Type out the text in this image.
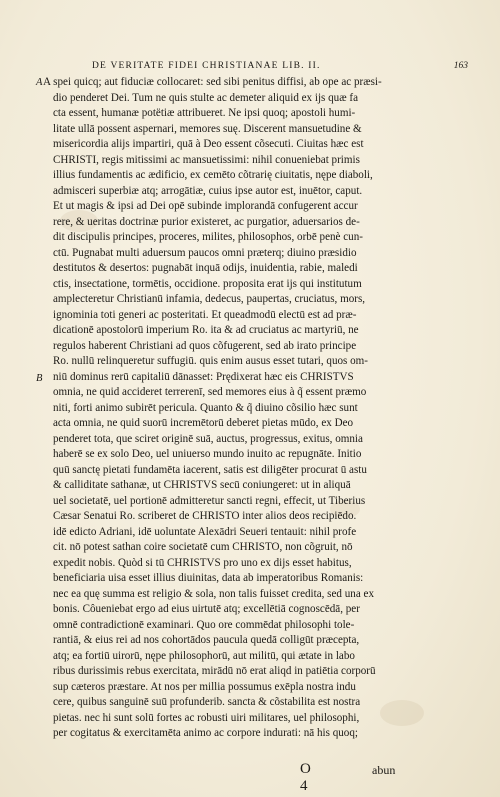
DE VERITATE FIDEI CHRISTIANAE LIB. II.	163
A
B
A spei quicq; aut fiduciæ collocaret: sed sibi penitus diffisi, ab ope ac præsi-
dio penderet Dei. Tum ne quis stulte ac demeter aliquid ex ijs quæ fa
cta essent, humanæ potëtiæ attribueret. Ne ipsi quoq; apostoli humi-
litate ullā possent aspernari, memores suę. Discerent mansuetudine &
misericordia alijs impartiri, quā à Deo essent cõsecuti. Ciuitas hæc est
CHRISTI, regis mitissimi ac mansuetissimi: nihil conueniebat primis
illius fundamentis ac ædificio, ex cemēto cõtrarię ciuitatis, nępe diaboli,
admisceri superbiæ atq; arrogātiæ, cuius ipse autor est, inuētor, caput.
Et ut magis & ipsi ad Dei opē subinde implorandā confugerent accur
rere, & ueritas doctrinæ purior existeret, ac purgatior, aduersarios de-
dit discipulis principes, proceres, milites, philosophos, orbē penè cun-
ctū. Pugnabat multi aduersum paucos omni præterq; diuino præsidio
destitutos & desertos: pugnabāt inquā odijs, inuidentia, rabie, maledi
ctis, insectatione, tormētis, occidione. proposita erat ijs qui institutum
amplecteretur Christianū infamia, dedecus, paupertas, cruciatus, mors,
ignominia toti generi ac posteritati. Et queadmodū electū est ad præ-
dicationē apostolorū imperium Ro. ita & ad cruciatus ac martyriū, ne
regulos haberent Christiani ad quos cõfugerent, sed ab irato principe
Ro. nullū relinqueretur suffugiū. quis enim ausus esset tutari, quos om-
niū dominus rerū capitaliū dānasset: Prędixerat hæc eis CHRISTVS
omnia, ne quid accideret terrerenī, sed memores eius à q̃ essent præmo
niti, forti animo subirēt pericula. Quanto & q̃ diuino cõsilio hæc sunt
acta omnia, ne quid suorū incremētorū deberet pietas mūdo, ex Deo
penderet tota, que sciret originē suā, auctus, progressus, exitus, omnia
haberē se ex solo Deo, uel uniuerso mundo inuito ac repugnāte. Initio
quū sanctę pietati fundamēta iacerent, satis est diligēter procurat ū astu
& calliditate sathanæ, ut CHRISTVS secū coniungeret: ut in aliquā
uel societatē, uel portionē admitteretur sancti regni, effecit, ut Tiberius
Cæsar Senatui Ro. scriberet de CHRISTO inter alios deos recipiēdo.
idē edicto Adriani, idē uoluntate Alexādri Seueri tentauit: nihil profe
cit. nō potest sathan coire societatē cum CHRISTO, non cõgruit, nō
expedit nobis. Quòd si tū CHRISTVS pro uno ex dijs esset habitus,
beneficiaria uisa esset illius diuinitas, data ab imperatoribus Romanis:
nec ea quę summa est religio & sola, non talis fuisset credita, sed una ex
bonis. Côueniebat ergo ad eius uirtutē atq; excellētiā cognoscēdā, per
omnē contradictionē examinari. Quo ore commēdat philosophi tole-
rantiā, & eius rei ad nos cohortādos paucula quedā colligūt præcepta,
atq; ea fortiū uirorū, nępe philosophorū, aut militū, qui ætate in labo
ribus durissimis rebus exercitata, mirādū nō erat aliqd in patiētia corporū
sup cæteros præstare. At nos per millia possumus exēpla nostra indu
cere, quibus sanguinē suū profunderib. sancta & cõstabilita est nostra
pietas. nec hi sunt solū fortes ac robusti uiri militares, uel philosophi,
per cogitatus & exercitamēta animo ac corpore indurati: nā his quoq;
O 4
abun
